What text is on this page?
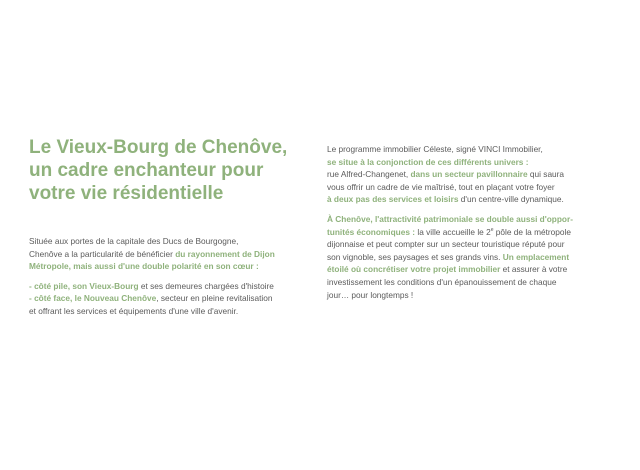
Le Vieux-Bourg de Chenôve,
un cadre enchanteur pour
votre vie résidentielle
Située aux portes de la capitale des Ducs de Bourgogne,
Chenôve a la particularité de bénéficier du rayonnement de Dijon
Métropole, mais aussi d'une double polarité en son cœur :
- côté pile, son Vieux-Bourg et ses demeures chargées d'histoire
- côté face, le Nouveau Chenôve, secteur en pleine revitalisation
et offrant les services et équipements d'une ville d'avenir.
Le programme immobilier Céleste, signé VINCI Immobilier,
se situe à la conjonction de ces différents univers :
rue Alfred-Changenet, dans un secteur pavillonnaire qui saura
vous offrir un cadre de vie maîtrisé, tout en plaçant votre foyer
à deux pas des services et loisirs d'un centre-ville dynamique.
À Chenôve, l'attractivité patrimoniale se double aussi d'oppor-
tunités économiques : la ville accueille le 2e pôle de la métropole
dijonnaise et peut compter sur un secteur touristique réputé pour
son vignoble, ses paysages et ses grands vins. Un emplacement
étoilé où concrétiser votre projet immobilier et assurer à votre
investissement les conditions d'un épanouissement de chaque
jour… pour longtemps !
